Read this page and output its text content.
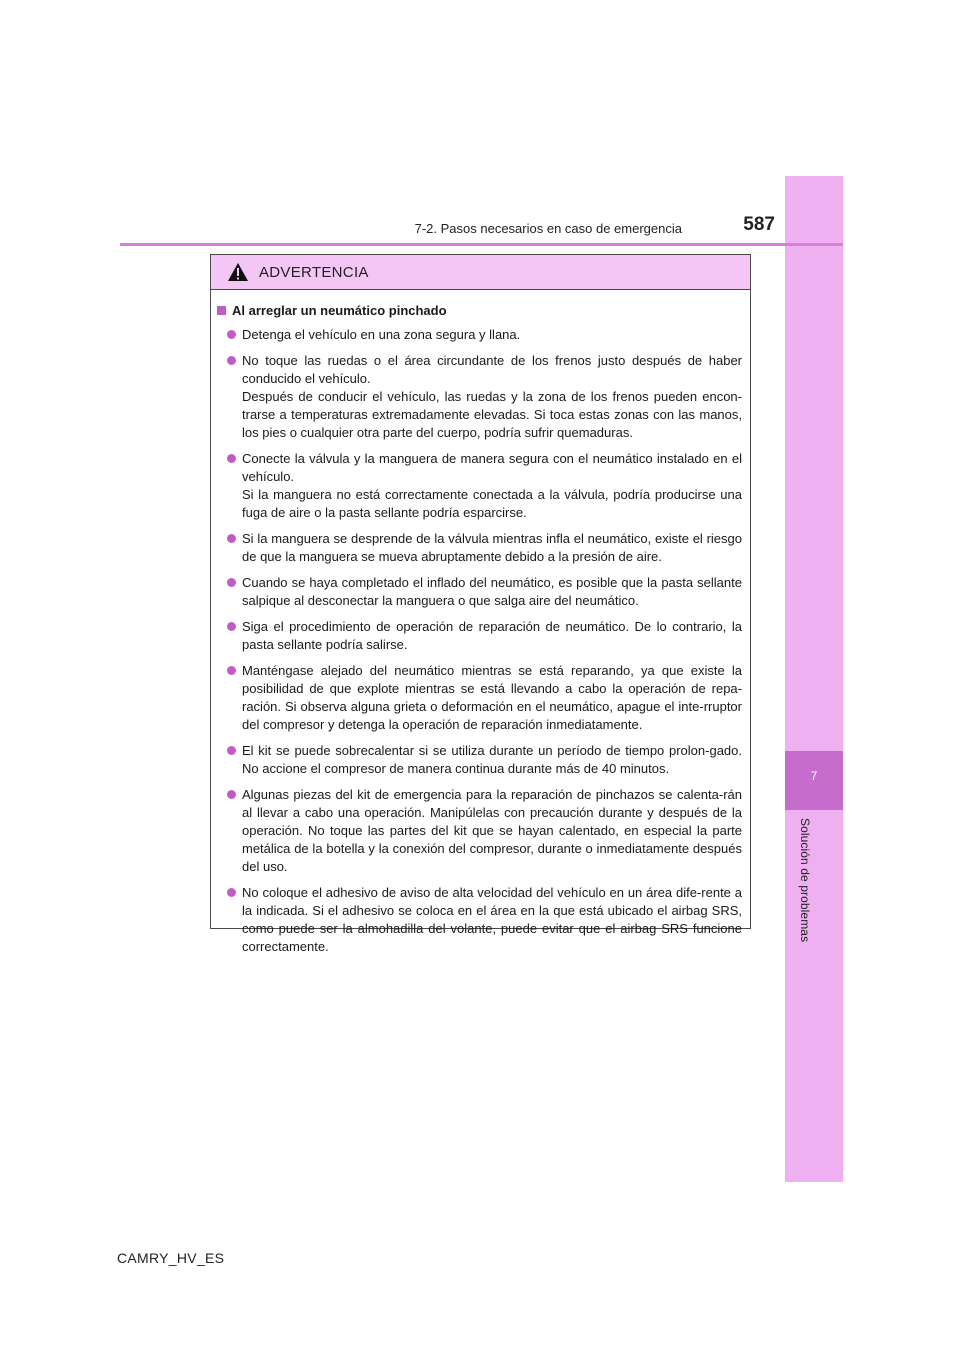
7
Solución de problemas
7-2. Pasos necesarios en caso de emergencia	587
ADVERTENCIA
Al arreglar un neumático pinchado
Detenga el vehículo en una zona segura y llana.
No toque las ruedas o el área circundante de los frenos justo después de haber conducido el vehículo.
Después de conducir el vehículo, las ruedas y la zona de los frenos pueden encon-trarse a temperaturas extremadamente elevadas. Si toca estas zonas con las manos, los pies o cualquier otra parte del cuerpo, podría sufrir quemaduras.
Conecte la válvula y la manguera de manera segura con el neumático instalado en el vehículo.
Si la manguera no está correctamente conectada a la válvula, podría producirse una fuga de aire o la pasta sellante podría esparcirse.
Si la manguera se desprende de la válvula mientras infla el neumático, existe el riesgo de que la manguera se mueva abruptamente debido a la presión de aire.
Cuando se haya completado el inflado del neumático, es posible que la pasta sellante salpique al desconectar la manguera o que salga aire del neumático.
Siga el procedimiento de operación de reparación de neumático. De lo contrario, la pasta sellante podría salirse.
Manténgase alejado del neumático mientras se está reparando, ya que existe la posibilidad de que explote mientras se está llevando a cabo la operación de repa-ración. Si observa alguna grieta o deformación en el neumático, apague el inte-rruptor del compresor y detenga la operación de reparación inmediatamente.
El kit se puede sobrecalentar si se utiliza durante un período de tiempo prolon-gado. No accione el compresor de manera continua durante más de 40 minutos.
Algunas piezas del kit de emergencia para la reparación de pinchazos se calenta-rán al llevar a cabo una operación. Manipúlelas con precaución durante y después de la operación. No toque las partes del kit que se hayan calentado, en especial la parte metálica de la botella y la conexión del compresor, durante o inmediatamente después del uso.
No coloque el adhesivo de aviso de alta velocidad del vehículo en un área dife-rente a la indicada. Si el adhesivo se coloca en el área en la que está ubicado el airbag SRS, como puede ser la almohadilla del volante, puede evitar que el airbag SRS funcione correctamente.
CAMRY_HV_ES
